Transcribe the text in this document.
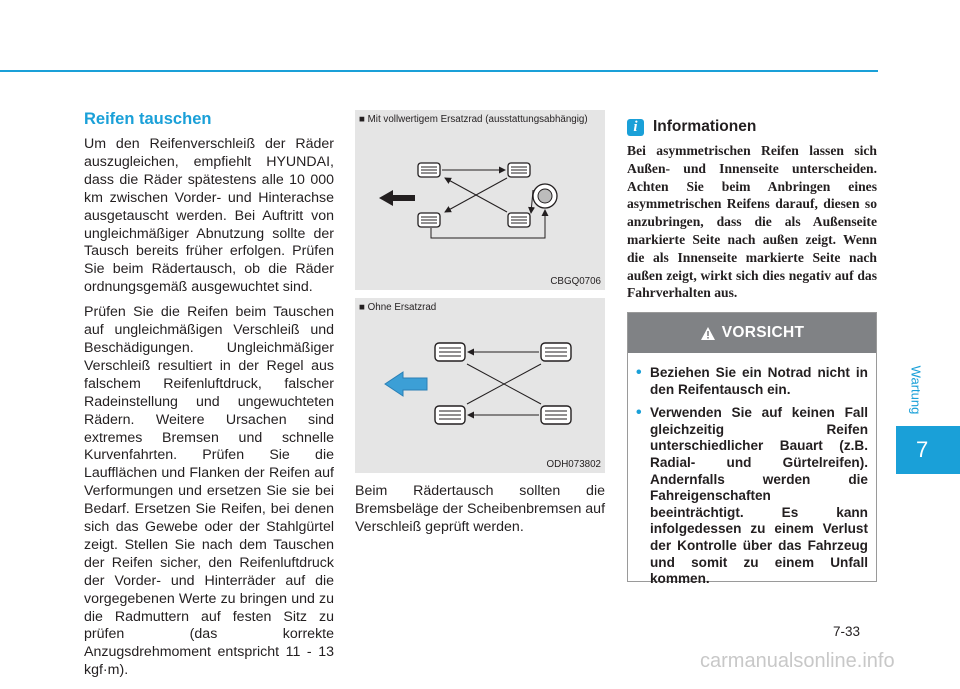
Reifen tauschen

Um den Reifenverschleiß der Räder auszugleichen, empfiehlt HYUNDAI, dass die Räder spätestens alle 10 000 km zwischen Vorder- und Hinterachse ausgetauscht werden. Bei Auftritt von ungleichmäßiger Abnutzung sollte der Tausch bereits früher erfolgen. Prüfen Sie beim Rädertausch, ob die Räder ordnungsgemäß ausgewuchtet sind.

Prüfen Sie die Reifen beim Tauschen auf ungleichmäßigen Verschleiß und Beschädigungen. Ungleichmäßiger Verschleiß resultiert in der Regel aus falschem Reifenluftdruck, falscher Radeinstellung und ungewuchteten Rädern. Weitere Ursachen sind extremes Bremsen und schnelle Kurvenfahrten. Prüfen Sie die Laufflächen und Flanken der Reifen auf Verformungen und ersetzen Sie sie bei Bedarf. Ersetzen Sie Reifen, bei denen sich das Gewebe oder der Stahlgürtel zeigt. Stellen Sie nach dem Tauschen der Reifen sicher, den Reifenluftdruck der Vorder- und Hinterräder auf die vorgegebenen Werte zu bringen und zu die Radmuttern auf festen Sitz zu prüfen (das korrekte Anzugsdrehmoment entspricht 11 - 13 kgf·m).

■ Mit vollwertigem Ersatzrad (ausstattungsabhängig)
CBGQ0706
■ Ohne Ersatzrad
ODH073802

Beim Rädertausch sollten die Bremsbeläge der Scheibenbremsen auf Verschleiß geprüft werden.

i Informationen

Bei asymmetrischen Reifen lassen sich Außen- und Innenseite unterscheiden. Achten Sie beim Anbringen eines asymmetrischen Reifens darauf, diesen so anzubringen, dass die als Außenseite markierte Seite nach außen zeigt. Wenn die als Innenseite markierte Seite nach außen zeigt, wirkt sich dies negativ auf das Fahrverhalten aus.

VORSICHT
• Beziehen Sie ein Notrad nicht in den Reifentausch ein.
• Verwenden Sie auf keinen Fall gleichzeitig Reifen unterschiedlicher Bauart (z.B. Radial- und Gürtelreifen). Andernfalls werden die Fahreigenschaften beeinträchtigt. Es kann infolgedessen zu einem Verlust der Kontrolle über das Fahrzeug und somit zu einem Unfall kommen.
Wartung
7
7-33
carmanualsonline.info
